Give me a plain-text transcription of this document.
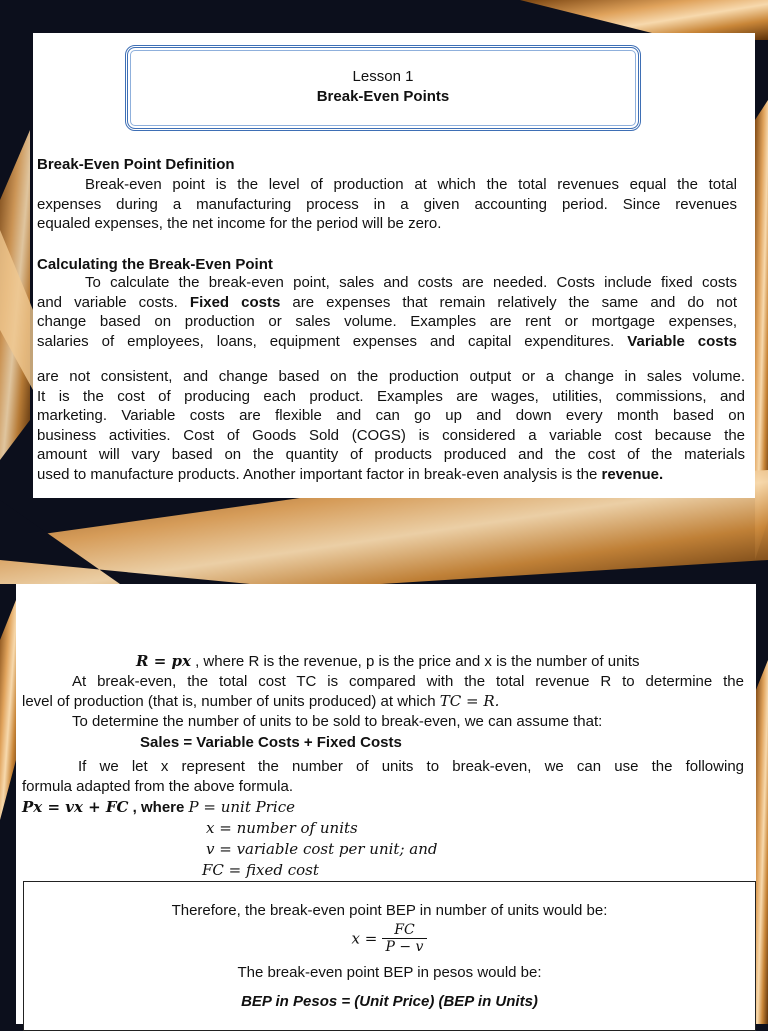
Lesson 1
Break-Even Points
Break-Even Point Definition
Break-even point is the level of production at which the total revenues equal the total
expenses during a manufacturing process in a given accounting period. Since revenues
equaled expenses, the net income for the period will be zero.
Calculating the Break-Even Point
To calculate the break-even point, sales and costs are needed. Costs include fixed costs
and variable costs. Fixed costs are expenses that remain relatively the same and do not
change based on production or sales volume. Examples are rent or mortgage expenses,
salaries of employees, loans, equipment expenses and capital expenditures. Variable costs
are not consistent, and change based on the production output or a change in sales volume.
It is the cost of producing each product. Examples are wages, utilities, commissions, and
marketing. Variable costs are flexible and can go up and down every month based on
business activities. Cost of Goods Sold (COGS) is considered a variable cost because the
amount will vary based on the quantity of products produced and the cost of the materials
used to manufacture products. Another important factor in break-even analysis is the revenue.
R = px , where R is the revenue, p is the price and x is the number of units
At break-even, the total cost TC is compared with the total revenue R to determine the
level of production (that is, number of units produced) at which TC = R.
To determine the number of units to be sold to break-even, we can assume that:
Sales = Variable Costs + Fixed Costs
If we let x represent the number of units to break-even, we can use the following
formula adapted from the above formula.
Px = vx + FC , where P = unit Price
x = number of units
v = variable cost per unit; and
FC = fixed cost
Therefore, the break-even point BEP in number of units would be:
$x = \frac{FC}{P - v}$
The break-even point BEP in pesos would be:
BEP in Pesos = (Unit Price) (BEP in Units)
